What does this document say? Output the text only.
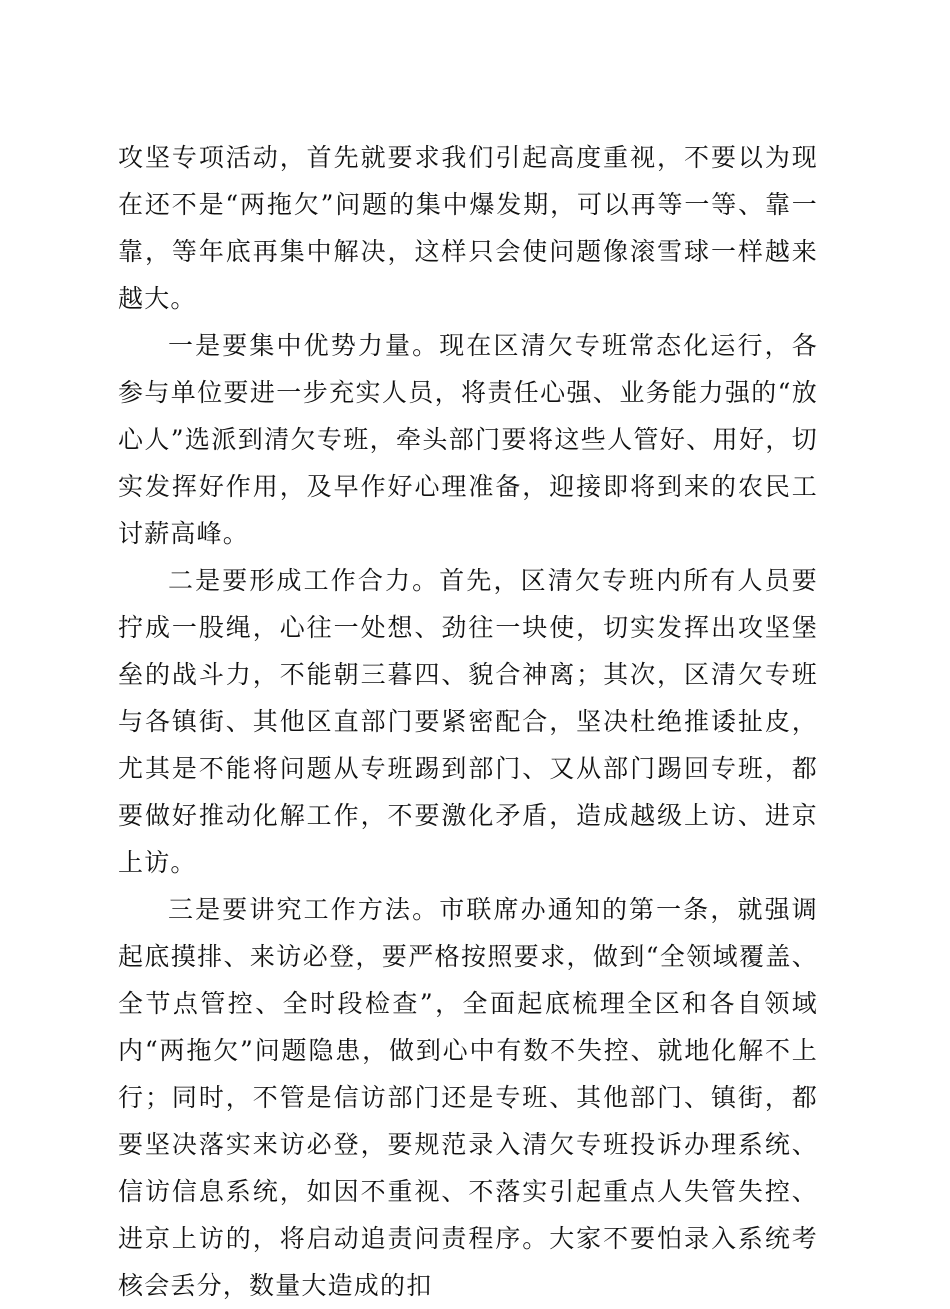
攻坚专项活动，首先就要求我们引起高度重视，不要以为现在还不是“两拖欠”问题的集中爆发期，可以再等一等、靠一靠，等年底再集中解决，这样只会使问题像滚雪球一样越来越大。

一是要集中优势力量。现在区清欠专班常态化运行，各参与单位要进一步充实人员，将责任心强、业务能力强的“放心人”选派到清欠专班，牵头部门要将这些人管好、用好，切实发挥好作用，及早作好心理准备，迎接即将到来的农民工讨薪高峰。

二是要形成工作合力。首先，区清欠专班内所有人员要拧成一股绳，心往一处想、劲往一块使，切实发挥出攻坚堡垒的战斗力，不能朝三暮四、貌合神离；其次，区清欠专班与各镇街、其他区直部门要紧密配合，坚决杜绝推诿扯皮，尤其是不能将问题从专班踢到部门、又从部门踢回专班，都要做好推动化解工作，不要激化矛盾，造成越级上访、进京上访。

三是要讲究工作方法。市联席办通知的第一条，就强调起底摸排、来访必登，要严格按照要求，做到“全领域覆盖、全节点管控、全时段检查”，全面起底梳理全区和各自领域内“两拖欠”问题隐患，做到心中有数不失控、就地化解不上行；同时，不管是信访部门还是专班、其他部门、镇街，都要坚决落实来访必登，要规范录入清欠专班投诉办理系统、信访信息系统，如因不重视、不落实引起重点人失管失控、进京上访的，将启动追责问责程序。大家不要怕录入系统考核会丢分，数量大造成的扣
